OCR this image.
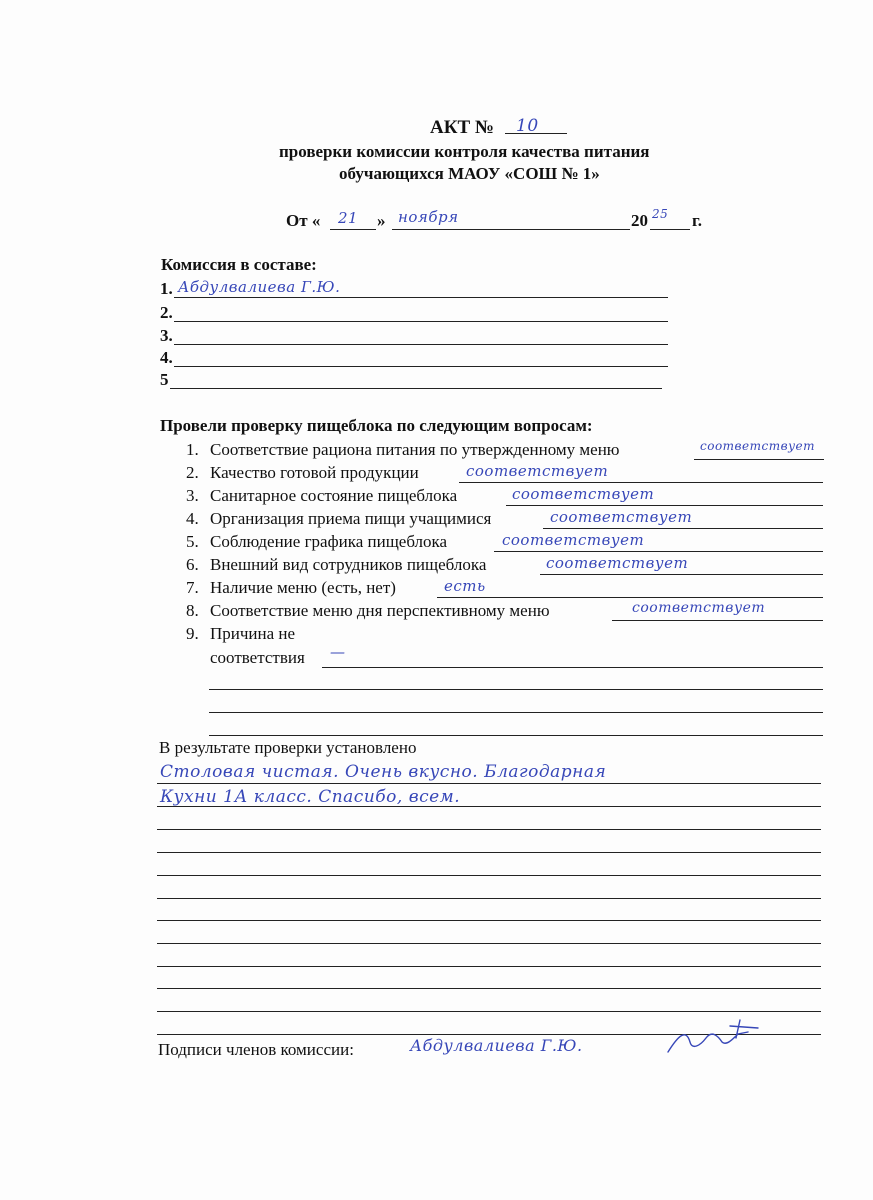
АКТ № 10
проверки комиссии контроля качества питания
обучающихся МАОУ «СОШ № 1»
От « 21 » ноября	20 25 г.
Комиссия в составе:
1. Абдулвалиева Г.Ю.
2.
3.
4.
5
Провели проверку пищеблока по следующим вопросам:
1. Соответствие рациона питания по утвержденному меню	соответствует
2. Качество готовой продукции	соответствует
3. Санитарное состояние пищеблока	соответствует
4. Организация приема пищи учащимися	соответствует
5. Соблюдение графика пищеблока	соответствует
6. Внешний вид сотрудников пищеблока	соответствует
7. Наличие меню (есть, нет)	есть
8. Соответствие меню дня перспективному меню	соответствует
9. Причина не
соответствия —
В результате проверки установлено
Столовая чистая. Очень вкусно. Благодарная
Кухни 1А класс. Спасибо, всем.
Подписи членов комиссии:	Абдулвалиева Г.Ю.
